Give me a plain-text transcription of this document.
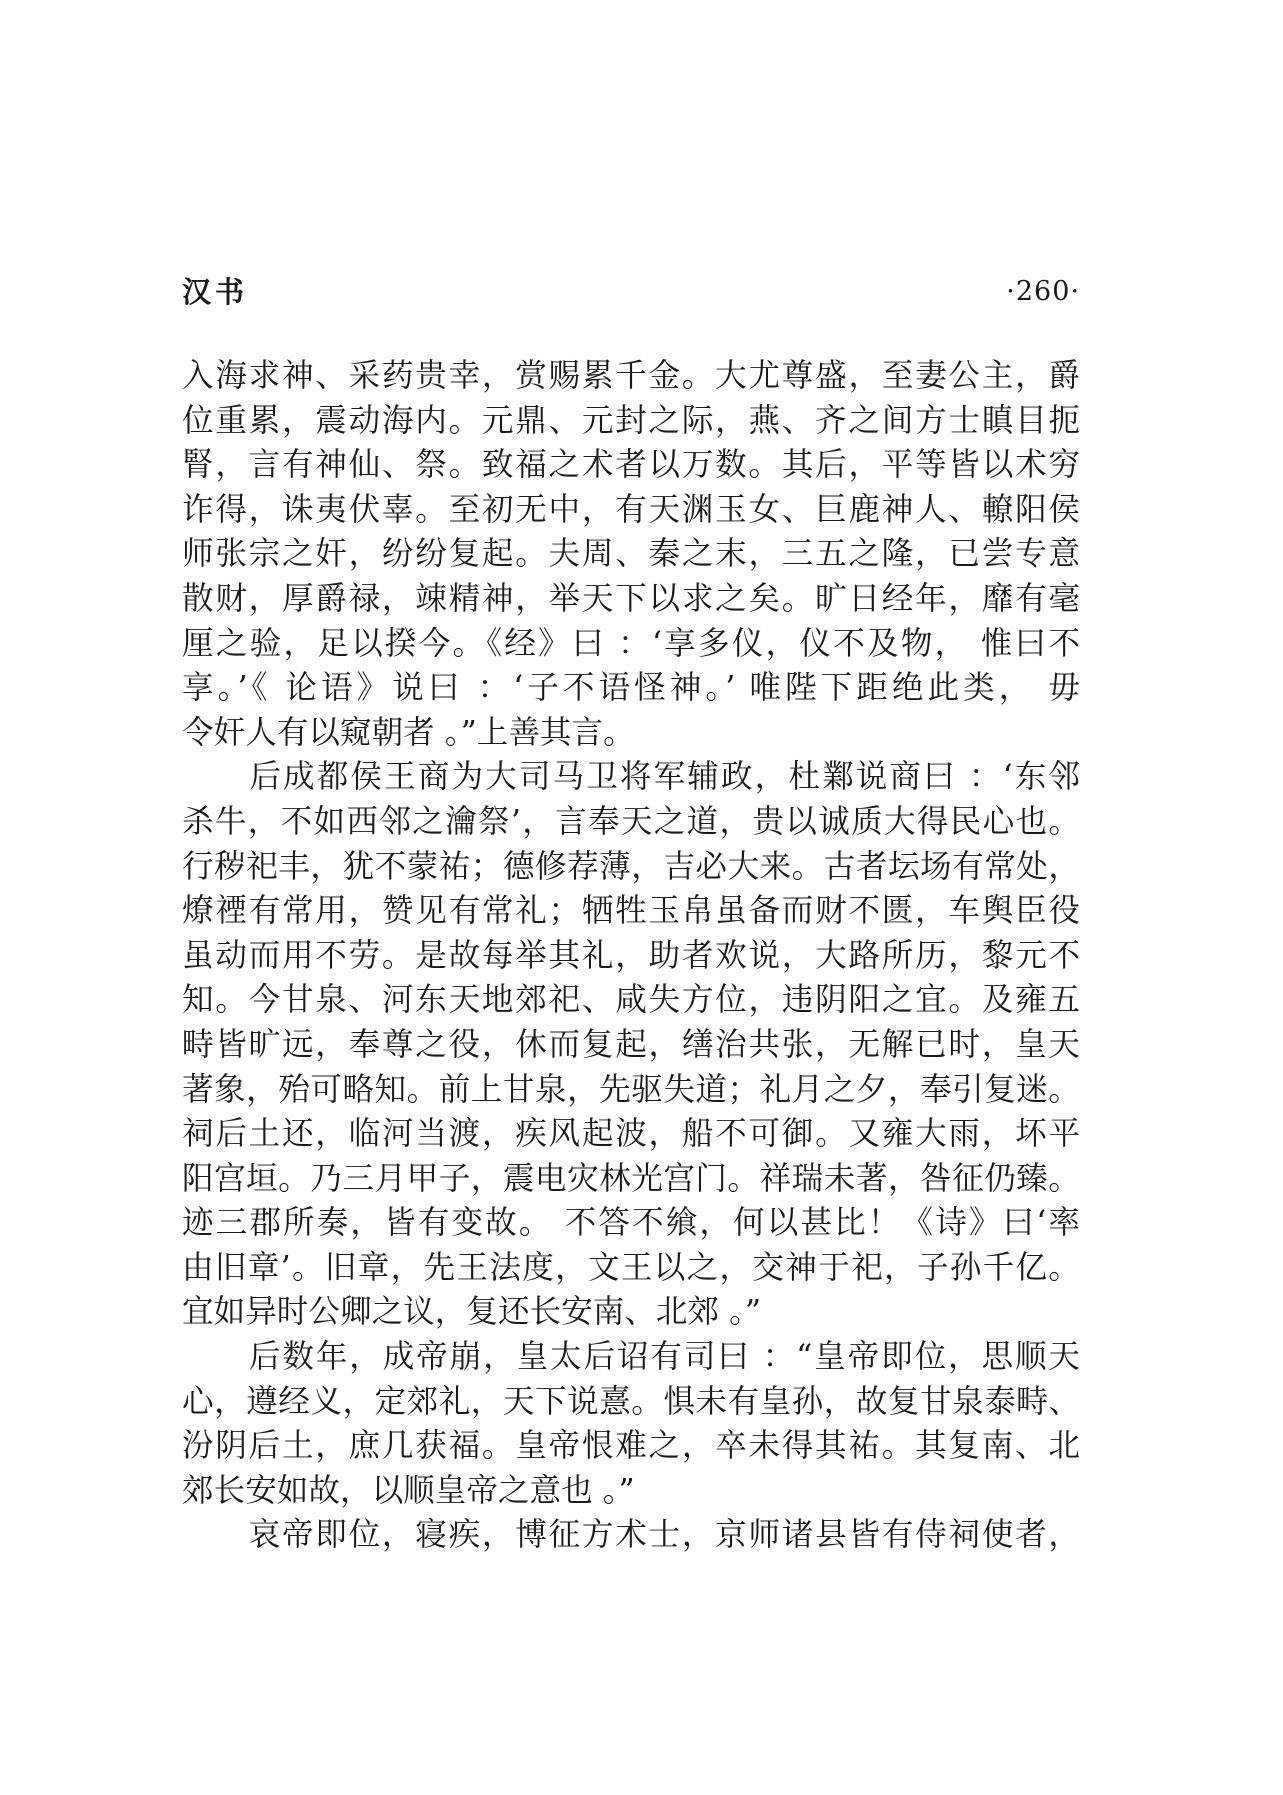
汉书	·260·
入海求神、采药贵幸，赏赐累千金。大尤尊盛，至妻公主，爵
位重累，震动海内。元鼎、元封之际，燕、齐之间方士瞋目扼
腎，言有神仙、祭。致福之术者以万数。其后，平等皆以术穷
诈得，诛夷伏辜。至初无中，有天渊玉女、巨鹿神人、轑阳侯
师张宗之奸，纷纷复起。夫周、秦之末，三五之隆，已尝专意
散财，厚爵禄，竦精神，举天下以求之矣。旷日经年，靡有毫
厘之验，足以揆今。《经》曰 ：‘享多仪，仪不及物， 惟曰不
享。’《 论语》说曰 ：‘子不语怪神。’ 唯陛下距绝此类， 毋
令奸人有以窥朝者 。”上善其言。
　　后成都侯王商为大司马卫将军辅政，杜鄴说商曰 ：‘东邻
杀牛，不如西邻之瀹祭’，言奉天之道，贵以诚质大得民心也。
行秽祀丰，犹不蒙祐；德修荐薄，吉必大来。古者坛场有常处，
燎禋有常用，赞见有常礼；牺牲玉帛虽备而财不匮，车舆臣役
虽动而用不劳。是故每举其礼，助者欢说，大路所历，黎元不
知。今甘泉、河东天地郊祀、咸失方位，违阴阳之宜。及雍五
畤皆旷远，奉尊之役，休而复起，缮治共张，无解已时，皇天
著象，殆可略知。前上甘泉，先驱失道；礼月之夕，奉引复迷。
祠后土还，临河当渡，疾风起波，船不可御。又雍大雨，坏平
阳宫垣。乃三月甲子，震电灾林光宫门。祥瑞未著，咎征仍臻。
迹三郡所奏，皆有变故。 不答不飨，何以甚比！《诗》曰‘率
由旧章’。旧章，先王法度，文王以之，交神于祀，子孙千亿。
宜如异时公卿之议，复还长安南、北郊 。”
　　后数年，成帝崩，皇太后诏有司曰 ：“皇帝即位，思顺天
心，遵经义，定郊礼，天下说憙。惧未有皇孙，故复甘泉泰畤、
汾阴后土，庶几获福。皇帝恨难之，卒未得其祐。其复南、北
郊长安如故，以顺皇帝之意也 。”
　　哀帝即位，寝疾，博征方术士，京师诸县皆有侍祠使者，
